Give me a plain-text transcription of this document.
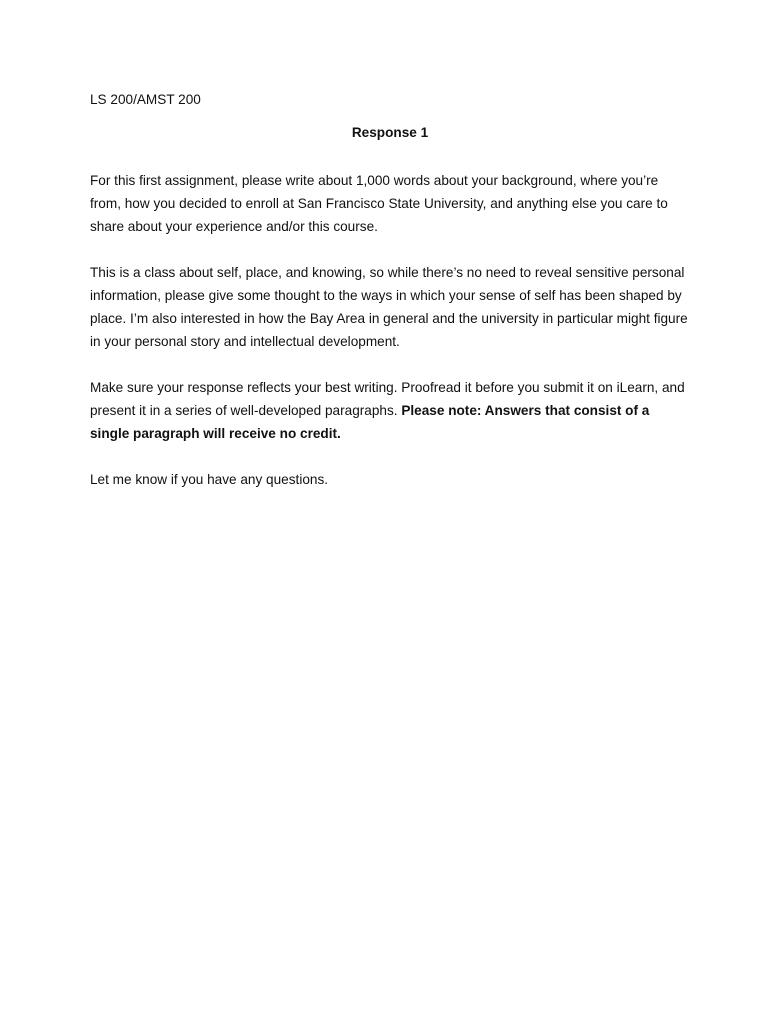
LS 200/AMST 200
Response 1

For this first assignment, please write about 1,000 words about your background, where you’re from, how you decided to enroll at San Francisco State University, and anything else you care to share about your experience and/or this course.

This is a class about self, place, and knowing, so while there’s no need to reveal sensitive personal information, please give some thought to the ways in which your sense of self has been shaped by place. I’m also interested in how the Bay Area in general and the university in particular might figure in your personal story and intellectual development.

Make sure your response reflects your best writing. Proofread it before you submit it on iLearn, and present it in a series of well-developed paragraphs. Please note: Answers that consist of a single paragraph will receive no credit.

Let me know if you have any questions.
